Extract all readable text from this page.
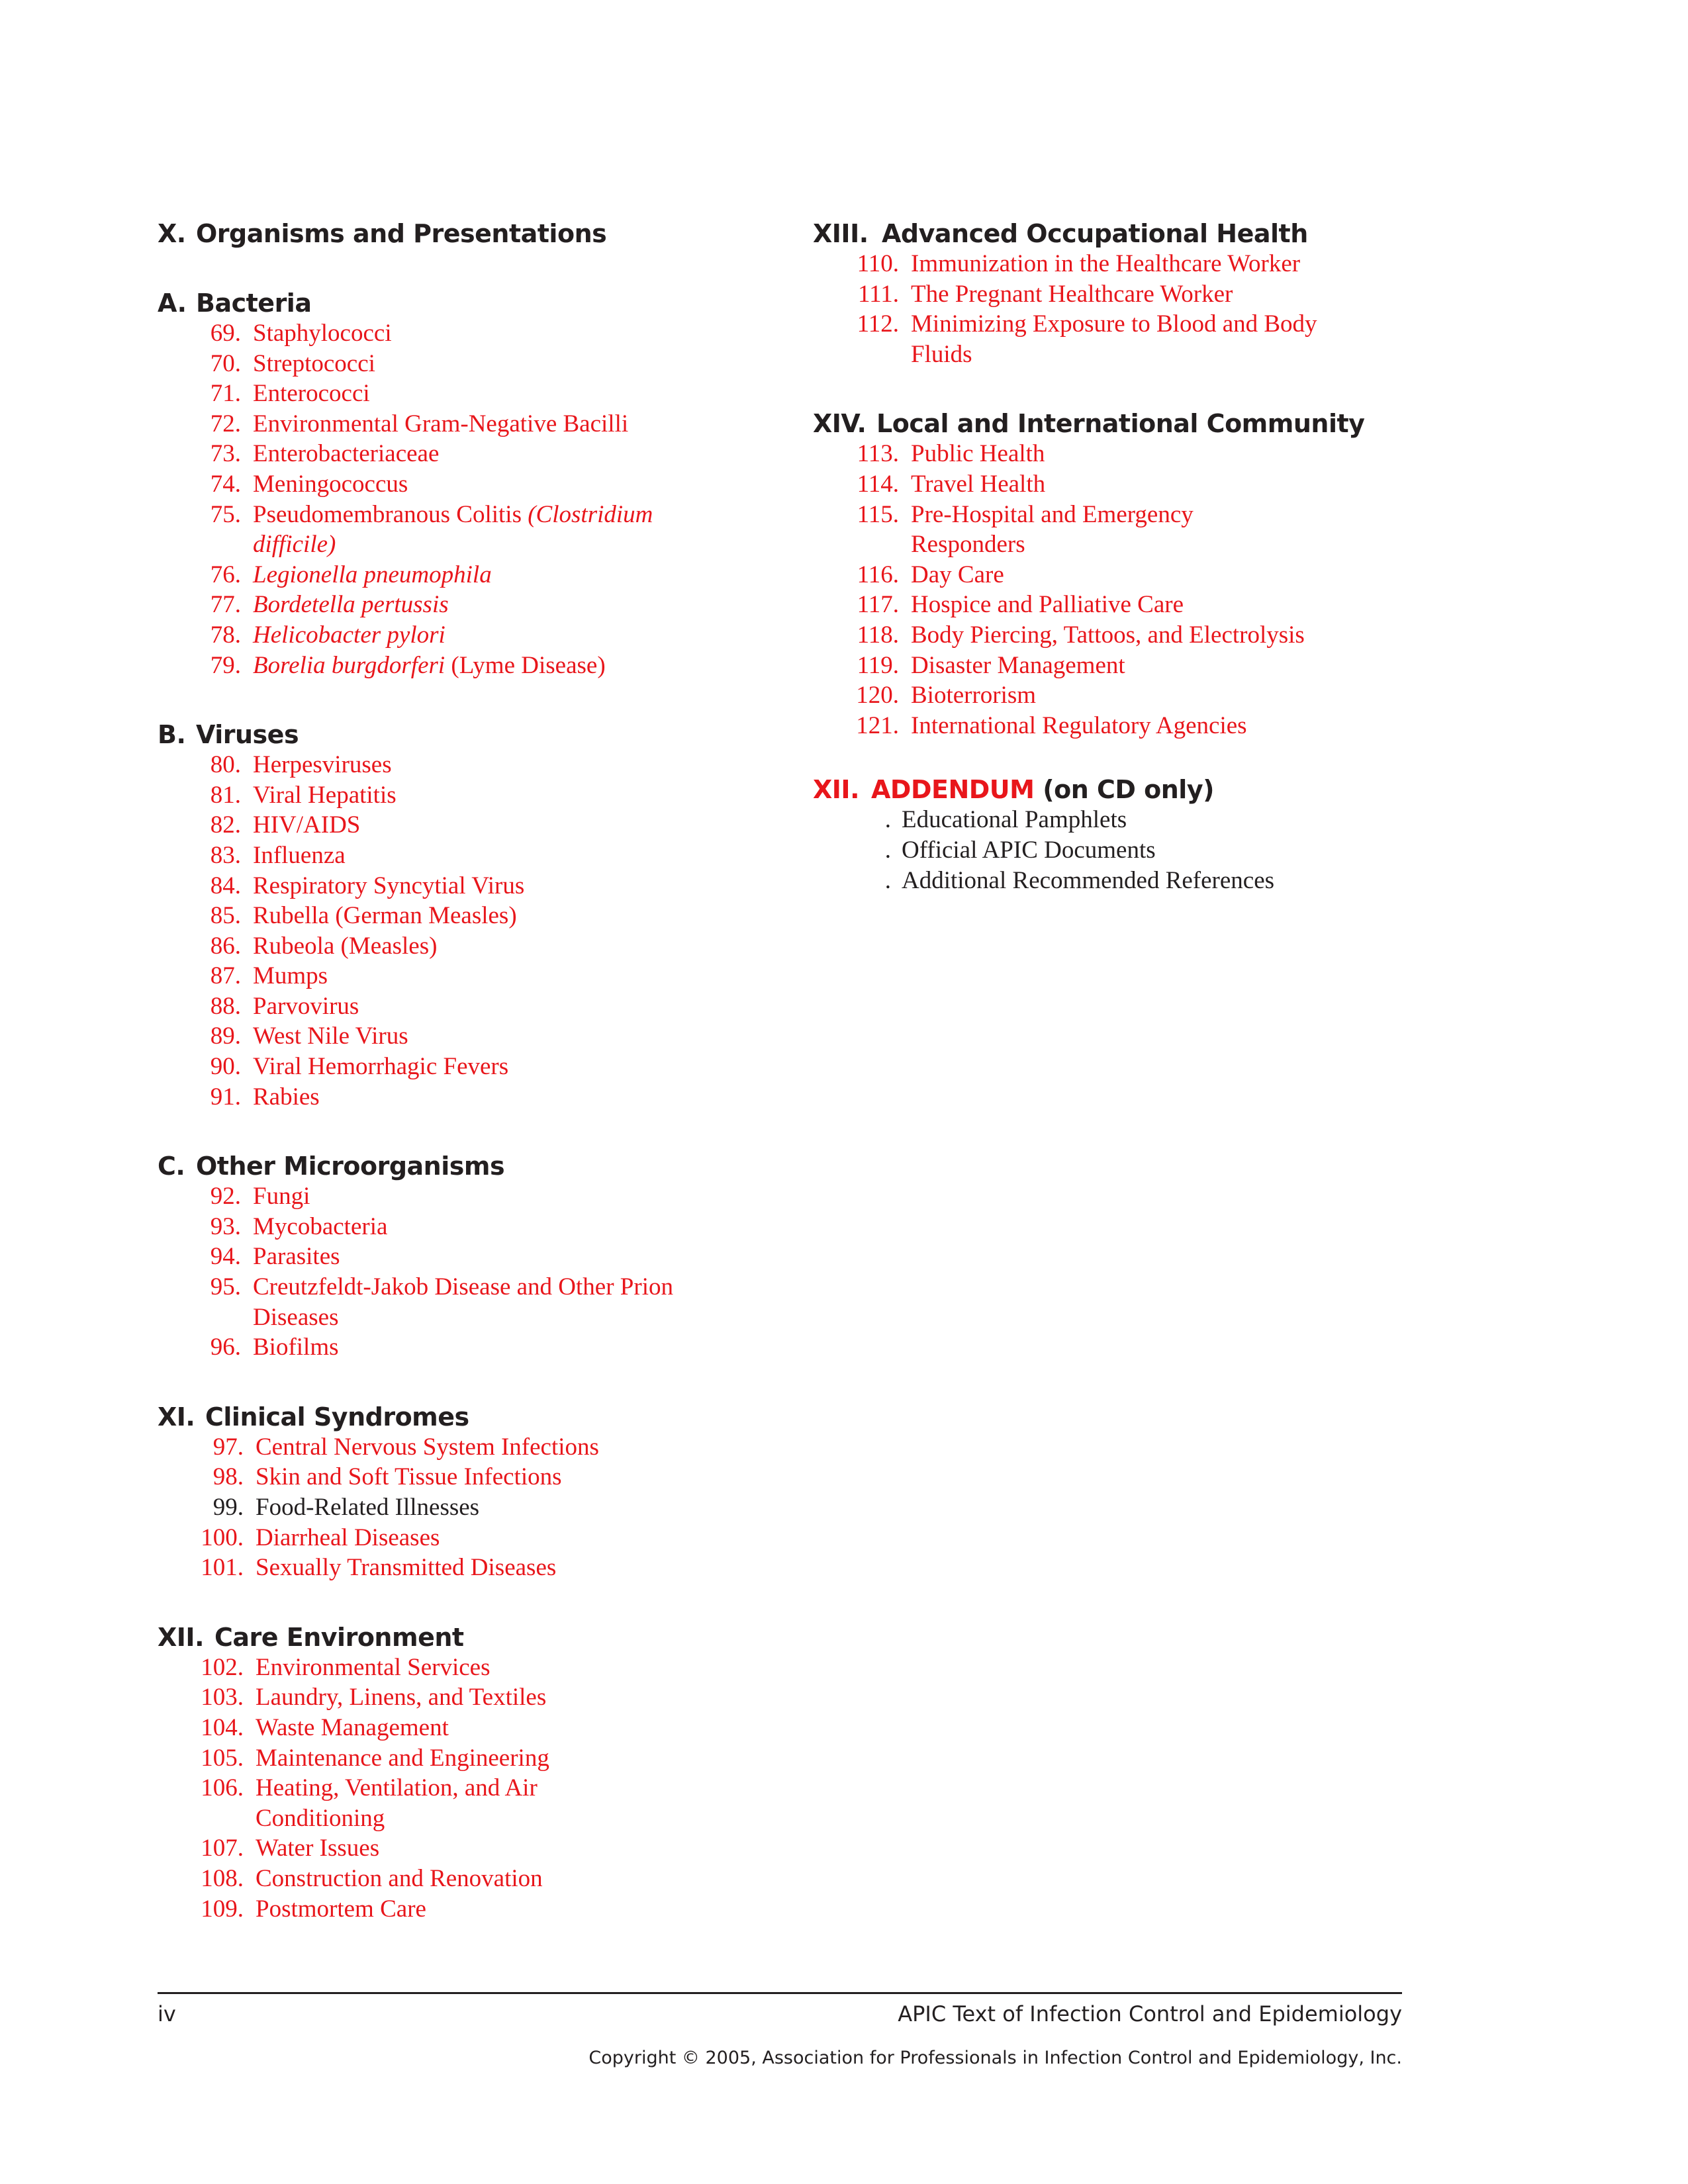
X. Organisms and Presentations
A. Bacteria
69. Staphylococci
70. Streptococci
71. Enterococci
72. Environmental Gram-Negative Bacilli
73. Enterobacteriaceae
74. Meningococcus
75. Pseudomembranous Colitis (Clostridium difficile)
76. Legionella pneumophila
77. Bordetella pertussis
78. Helicobacter pylori
79. Borelia burgdorferi (Lyme Disease)
B. Viruses
80. Herpesviruses
81. Viral Hepatitis
82. HIV/AIDS
83. Influenza
84. Respiratory Syncytial Virus
85. Rubella (German Measles)
86. Rubeola (Measles)
87. Mumps
88. Parvovirus
89. West Nile Virus
90. Viral Hemorrhagic Fevers
91. Rabies
C. Other Microorganisms
92. Fungi
93. Mycobacteria
94. Parasites
95. Creutzfeldt-Jakob Disease and Other Prion Diseases
96. Biofilms
XI. Clinical Syndromes
97. Central Nervous System Infections
98. Skin and Soft Tissue Infections
99. Food-Related Illnesses
100. Diarrheal Diseases
101. Sexually Transmitted Diseases
XII. Care Environment
102. Environmental Services
103. Laundry, Linens, and Textiles
104. Waste Management
105. Maintenance and Engineering
106. Heating, Ventilation, and Air Conditioning
107. Water Issues
108. Construction and Renovation
109. Postmortem Care
XIII. Advanced Occupational Health
110. Immunization in the Healthcare Worker
111. The Pregnant Healthcare Worker
112. Minimizing Exposure to Blood and Body Fluids
XIV. Local and International Community
113. Public Health
114. Travel Health
115. Pre-Hospital and Emergency Responders
116. Day Care
117. Hospice and Palliative Care
118. Body Piercing, Tattoos, and Electrolysis
119. Disaster Management
120. Bioterrorism
121. International Regulatory Agencies
XII. ADDENDUM (on CD only)
. Educational Pamphlets
. Official APIC Documents
. Additional Recommended References
iv	APIC Text of Infection Control and Epidemiology
Copyright © 2005, Association for Professionals in Infection Control and Epidemiology, Inc.
